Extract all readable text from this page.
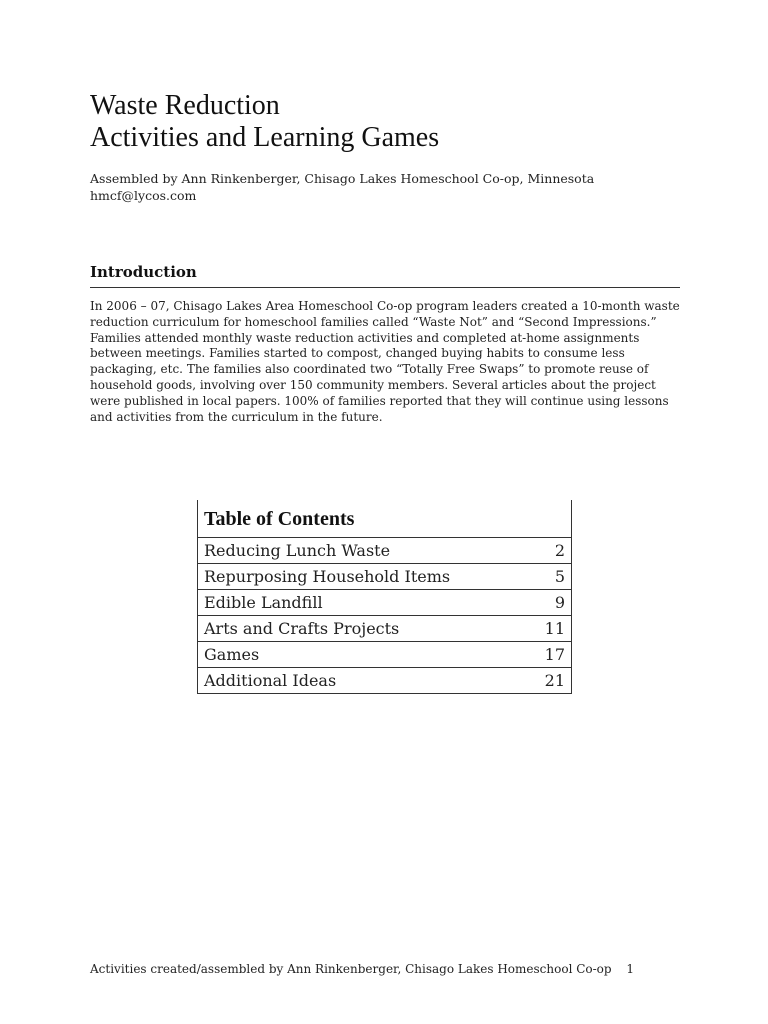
Waste Reduction
Activities and Learning Games
Assembled by Ann Rinkenberger, Chisago Lakes Homeschool Co-op, Minnesota
hmcf@lycos.com
Introduction

In 2006 – 07, Chisago Lakes Area Homeschool Co-op program leaders created a 10-month waste reduction curriculum for homeschool families called “Waste Not” and “Second Impressions.” Families attended monthly waste reduction activities and completed at-home assignments between meetings. Families started to compost, changed buying habits to consume less packaging, etc. The families also coordinated two “Totally Free Swaps” to promote reuse of household goods, involving over 150 community members. Several articles about the project were published in local papers. 100% of families reported that they will continue using lessons and activities from the curriculum in the future.

Table of Contents
Reducing Lunch Waste	2
Repurposing Household Items	5
Edible Landfill	9
Arts and Crafts Projects	11
Games	17
Additional Ideas	21
Activities created/assembled by Ann Rinkenberger, Chisago Lakes Homeschool Co-op 1
